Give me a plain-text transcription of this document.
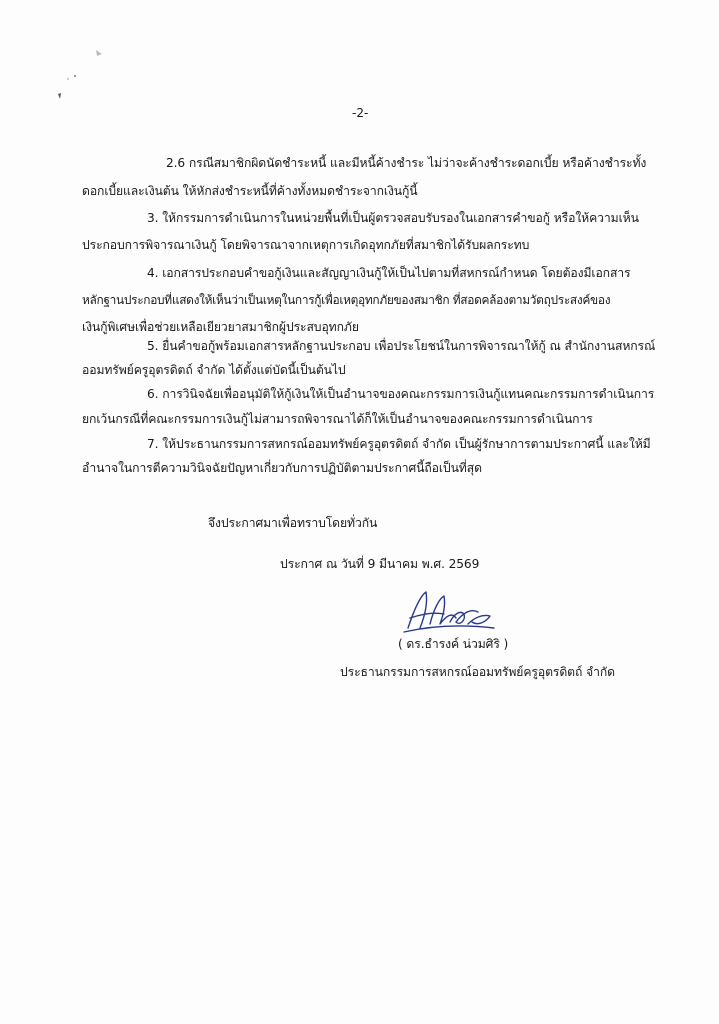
-2-
2.6 กรณีสมาชิกผิดนัดชำระหนี้ และมีหนี้ค้างชำระ ไม่ว่าจะค้างชำระดอกเบี้ย หรือค้างชำระทั้ง
ดอกเบี้ยและเงินต้น ให้หักส่งชำระหนี้ที่ค้างทั้งหมดชำระจากเงินกู้นี้
3. ให้กรรมการดำเนินการในหน่วยพื้นที่เป็นผู้ตรวจสอบรับรองในเอกสารคำขอกู้ หรือให้ความเห็น
ประกอบการพิจารณาเงินกู้ โดยพิจารณาจากเหตุการเกิดอุทกภัยที่สมาชิกได้รับผลกระทบ
4. เอกสารประกอบคำขอกู้เงินและสัญญาเงินกู้ให้เป็นไปตามที่สหกรณ์กำหนด โดยต้องมีเอกสาร
หลักฐานประกอบที่แสดงให้เห็นว่าเป็นเหตุในการกู้เพื่อเหตุอุทกภัยของสมาชิก ที่สอดคล้องตามวัตถุประสงค์ของ
เงินกู้พิเศษเพื่อช่วยเหลือเยียวยาสมาชิกผู้ประสบอุทกภัย
5. ยื่นคำขอกู้พร้อมเอกสารหลักฐานประกอบ เพื่อประโยชน์ในการพิจารณาให้กู้ ณ สำนักงานสหกรณ์
ออมทรัพย์ครูอุตรดิตถ์ จำกัด ได้ตั้งแต่บัดนี้เป็นต้นไป
6. การวินิจฉัยเพื่ออนุมัติให้กู้เงินให้เป็นอำนาจของคณะกรรมการเงินกู้แทนคณะกรรมการดำเนินการ
ยกเว้นกรณีที่คณะกรรมการเงินกู้ไม่สามารถพิจารณาได้ก็ให้เป็นอำนาจของคณะกรรมการดำเนินการ
7. ให้ประธานกรรมการสหกรณ์ออมทรัพย์ครูอุตรดิตถ์ จำกัด เป็นผู้รักษาการตามประกาศนี้ และให้มี
อำนาจในการตีความวินิจฉัยปัญหาเกี่ยวกับการปฏิบัติตามประกาศนี้ถือเป็นที่สุด
จึงประกาศมาเพื่อทราบโดยทั่วกัน
ประกาศ ณ วันที่ 9 มีนาคม พ.ศ. 2569
( ดร.ธำรงค์ น่วมศิริ )
ประธานกรรมการสหกรณ์ออมทรัพย์ครูอุตรดิตถ์ จำกัด
